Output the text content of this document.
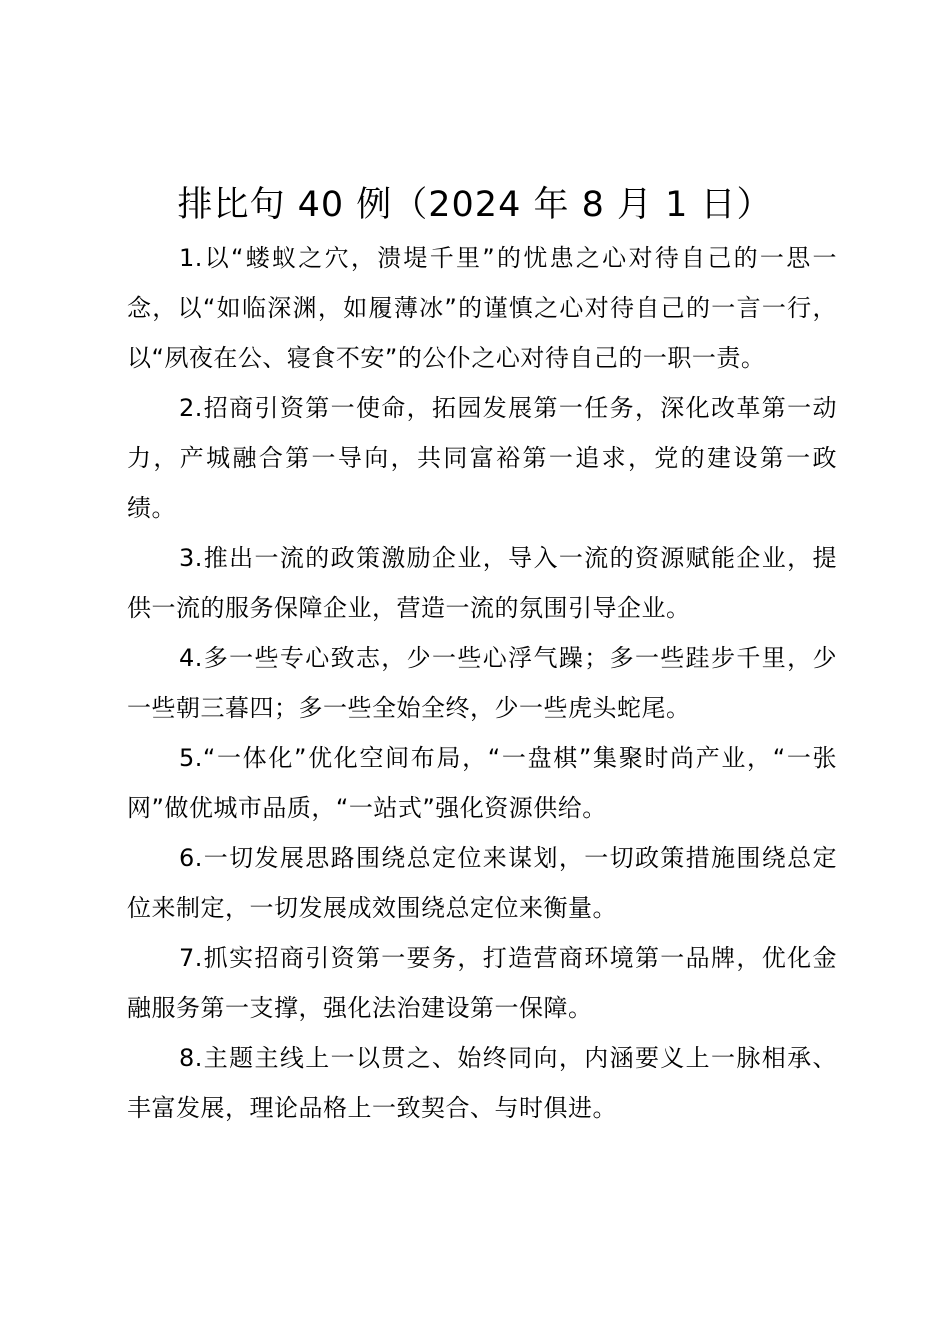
排比句 40 例（2024 年 8 月 1 日）

1.以“蝼蚁之穴，溃堤千里”的忧患之心对待自己的一思一念，以“如临深渊，如履薄冰”的谨慎之心对待自己的一言一行，以“夙夜在公、寝食不安”的公仆之心对待自己的一职一责。

2.招商引资第一使命，拓园发展第一任务，深化改革第一动力，产城融合第一导向，共同富裕第一追求，党的建设第一政绩。

3.推出一流的政策激励企业，导入一流的资源赋能企业，提供一流的服务保障企业，营造一流的氛围引导企业。

4.多一些专心致志，少一些心浮气躁；多一些跬步千里，少一些朝三暮四；多一些全始全终，少一些虎头蛇尾。

5.“一体化”优化空间布局，“一盘棋”集聚时尚产业，“一张网”做优城市品质，“一站式”强化资源供给。

6.一切发展思路围绕总定位来谋划，一切政策措施围绕总定位来制定，一切发展成效围绕总定位来衡量。

7.抓实招商引资第一要务，打造营商环境第一品牌，优化金融服务第一支撑，强化法治建设第一保障。

8.主题主线上一以贯之、始终同向，内涵要义上一脉相承、丰富发展，理论品格上一致契合、与时俱进。
